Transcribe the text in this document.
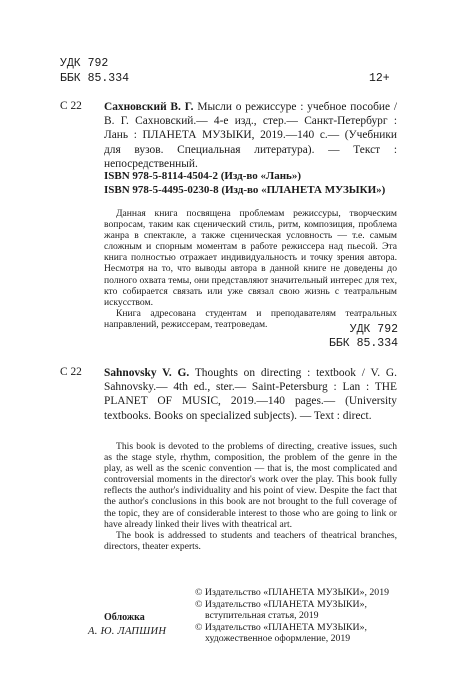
УДК 792
ББК 85.334	12+
С 22 Сахновский В. Г. Мысли о режиссуре : учебное пособие / В. Г. Сахновский.— 4-е изд., стер.— Санкт-Петербург : Лань : ПЛАНЕТА МУЗЫКИ, 2019.—140 с.— (Учебники для вузов. Специальная литература). — Текст : непосредственный.
ISBN 978-5-8114-4504-2 (Изд-во «Лань»)
ISBN 978-5-4495-0230-8 (Изд-во «ПЛАНЕТА МУЗЫКИ»)

Данная книга посвящена проблемам режиссуры, творческим вопросам, таким как сценический стиль, ритм, композиция, проблема жанра в спектакле, а также сценическая условность — т.е. самым сложным и спорным моментам в работе режиссера над пьесой. Эта книга полностью отражает индивидуальность и точку зрения автора. Несмотря на то, что выводы автора в данной книге не доведены до полного охвата темы, они представляют значительный интерес для тех, кто собирается связать или уже связал свою жизнь с театральным искусством.

Книга адресована студентам и преподавателям театральных направлений, режиссерам, театроведам.	УДК 792
ББК 85.334
С 22 Sahnovsky V. G. Thoughts on directing : textbook / V. G. Sahnovsky.— 4th ed., ster.— Saint-Petersburg : Lan : THE PLANET OF MUSIC, 2019.—140 pages.— (University textbooks. Books on specialized subjects). — Text : direct.

This book is devoted to the problems of directing, creative issues, such as the stage style, rhythm, composition, the problem of the genre in the play, as well as the scenic convention — that is, the most complicated and controversial moments in the director's work over the play. This book fully reflects the author's individuality and his point of view. Despite the fact that the author's conclusions in this book are not brought to the full coverage of the topic, they are of considerable interest to those who are going to link or have already linked their lives with theatrical art.

The book is addressed to students and teachers of theatrical branches, directors, theater experts.

Обложка
А. Ю. ЛАПШИН
© Издательство «ПЛАНЕТА МУЗЫКИ», 2019
© Издательство «ПЛАНЕТА МУЗЫКИ»,
вступительная статья, 2019
© Издательство «ПЛАНЕТА МУЗЫКИ»,
художественное оформление, 2019
